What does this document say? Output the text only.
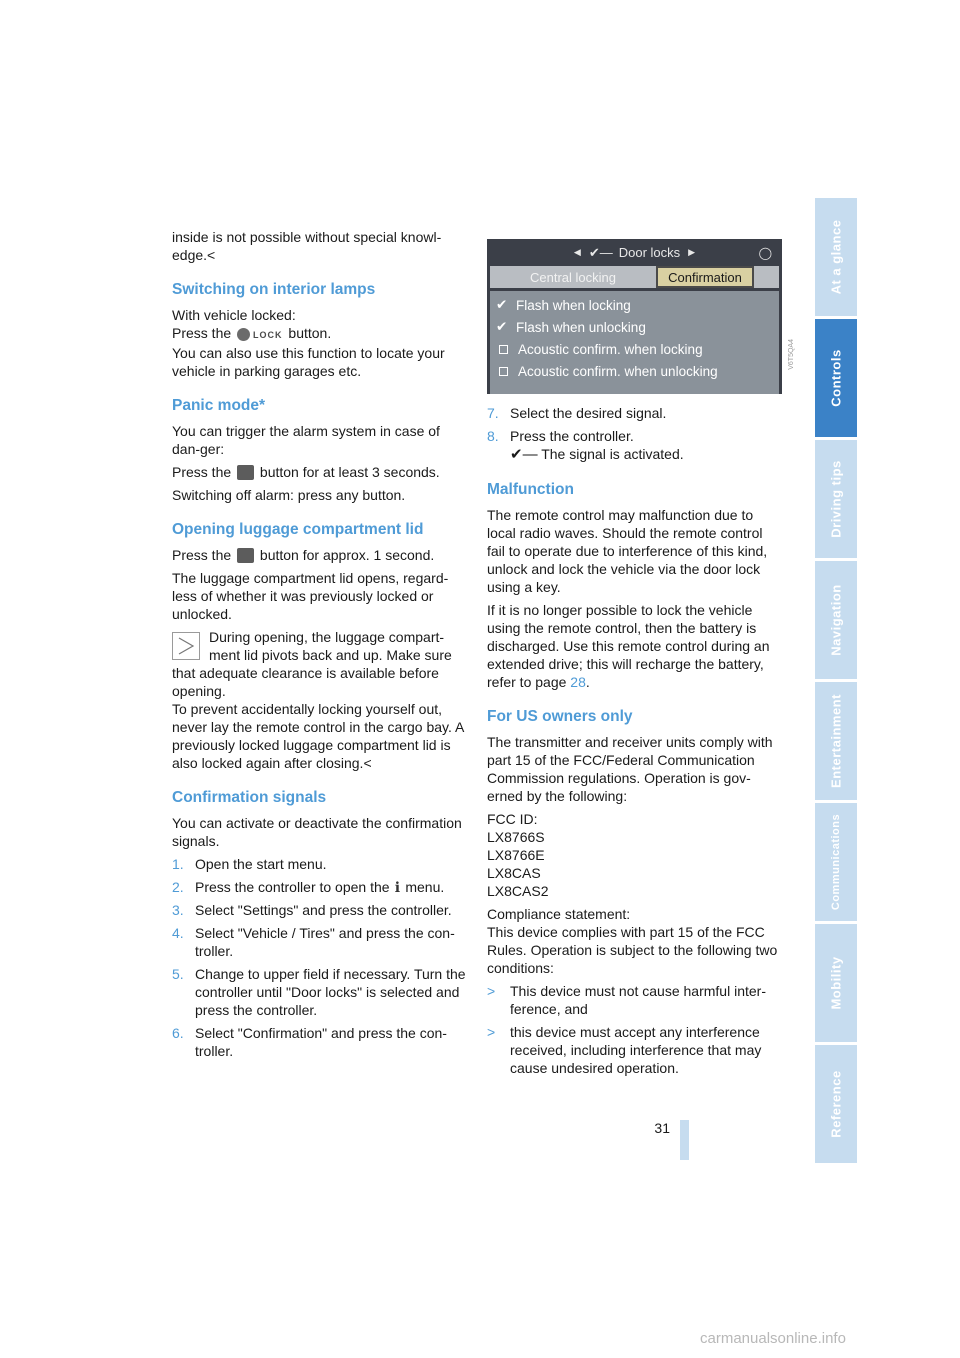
inside is not possible without special knowl-edge.<

Switching on interior lamps

With vehicle locked:
Press the LOCK button.
You can also use this function to locate your vehicle in parking garages etc.

Panic mode*

You can trigger the alarm system in case of dan-ger:

Press the button for at least 3 seconds.

Switching off alarm: press any button.

Opening luggage compartment lid

Press the button for approx. 1 second.

The luggage compartment lid opens, regard-less of whether it was previously locked or unlocked.

During opening, the luggage compart-ment lid pivots back and up. Make sure
that adequate clearance is available before opening.
To prevent accidentally locking yourself out, never lay the remote control in the cargo bay. A previously locked luggage compartment lid is also locked again after closing.<
Confirmation signals

You can activate or deactivate the confirmation signals.

1. Open the start menu.
2. Press the controller to open the ℹ menu.
3. Select "Settings" and press the controller.
4. Select "Vehicle / Tires" and press the con-troller.
5. Change to upper field if necessary. Turn the controller until "Door locks" is selected and press the controller.
6. Select "Confirmation" and press the con-troller.
◀ ✔― Door locks ▶	◯
Central locking	Confirmation
✔ Flash when locking
✔ Flash when unlocking
Acoustic confirm. when locking
Acoustic confirm. when unlocking
V6T5QA4
7. Select the desired signal.
8. Press the controller.
✔― The signal is activated.
Malfunction

The remote control may malfunction due to local radio waves. Should the remote control fail to operate due to interference of this kind, unlock and lock the vehicle via the door lock using a key.

If it is no longer possible to lock the vehicle using the remote control, then the battery is discharged. Use this remote control during an extended drive; this will recharge the battery, refer to page 28.

For US owners only

The transmitter and receiver units comply with part 15 of the FCC/Federal Communication Commission regulations. Operation is gov-erned by the following:

FCC ID:
LX8766S
LX8766E
LX8CAS
LX8CAS2

Compliance statement:
This device complies with part 15 of the FCC Rules. Operation is subject to the following two conditions:

>	This device must not cause harmful inter-ference, and
>	this device must accept any interference received, including interference that may cause undesired operation.
At a glance
Controls
Driving tips
Navigation
Entertainment
Communications
Mobility
Reference
31
carmanualsonline.info
